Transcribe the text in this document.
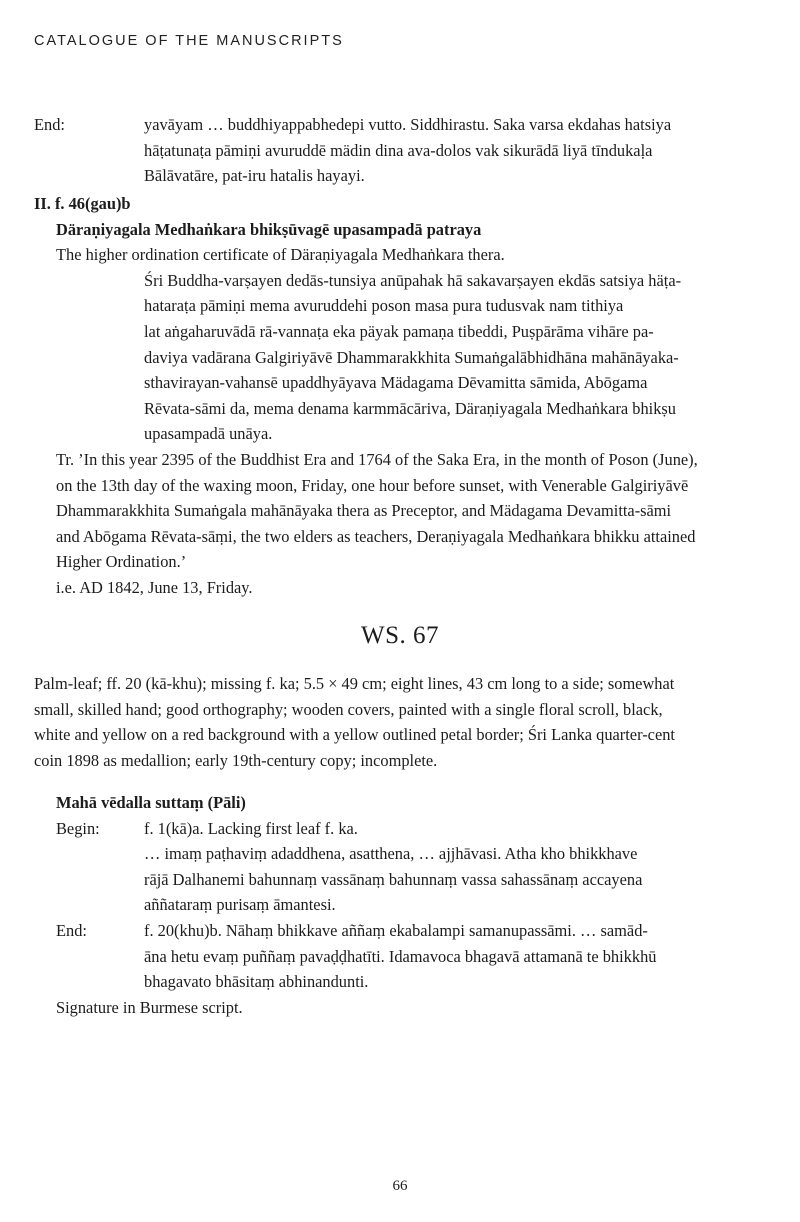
CATALOGUE OF THE MANUSCRIPTS
End:	yavāyam … buddhiyappabhedepi vutto. Siddhirastu. Saka varsa ekdahas hatsiya

hāṭatunaṭa pāmiṇi avuruddē mädin dina ava-dolos vak sikurādā liyā tīndukaḷa

Bālāvatāre, pat-iru hatalis hayayi.

II. f. 46(gau)b

Däraṇiyagala Medhaṅkara bhikṣūvagē upasampadā patraya

The higher ordination certificate of Däraṇiyagala Medhaṅkara thera.

Śri Buddha-varṣayen dedās-tunsiya anūpahak hā sakavarṣayen ekdās satsiya häṭa-

hataraṭa pāmiṇi mema avuruddehi poson masa pura tudusvak nam tithiya

lat aṅgaharuvādā rā-vannaṭa eka päyak pamaṇa tibeddi, Puṣpārāma vihāre pa-

daviya vadārana Galgiriyāvē Dhammarakkhita Sumaṅgalābhidhāna mahānāyaka-

sthavirayan-vahansē upaddhyāyava Mädagama Dēvamitta sāmida, Abōgama

Rēvata-sāmi da, mema denama karmmācāriva, Däraṇiyagala Medhaṅkara bhikṣu

upasampadā unāya.

Tr. ’In this year 2395 of the Buddhist Era and 1764 of the Saka Era, in the month of Poson (June),

on the 13th day of the waxing moon, Friday, one hour before sunset, with Venerable Galgiriyāvē

Dhammarakkhita Sumaṅgala mahānāyaka thera as Preceptor, and Mädagama Devamitta-sāmi

and Abōgama Rēvata-sāṃi, the two elders as teachers, Deraṇiyagala Medhaṅkara bhikku attained

Higher Ordination.’

i.e. AD 1842, June 13, Friday.

WS. 67

Palm-leaf; ff. 20 (kā-khu); missing f. ka; 5.5 × 49 cm; eight lines, 43 cm long to a side; somewhat

small, skilled hand; good orthography; wooden covers, painted with a single floral scroll, black,

white and yellow on a red background with a yellow outlined petal border; Śri Lanka quarter-cent

coin 1898 as medallion; early 19th-century copy; incomplete.

Mahā vēdalla suttaṃ (Pāli)

Begin:	f. 1(kā)a. Lacking first leaf f. ka.

… imaṃ paṭhaviṃ adaddhena, asatthena, … ajjhāvasi. Atha kho bhikkhave

rājā Dalhanemi bahunnaṃ vassānaṃ bahunnaṃ vassa sahassānaṃ accayena

aññataraṃ purisaṃ āmantesi.

End:	f. 20(khu)b. Nāhaṃ bhikkave aññaṃ ekabalampi samanupassāmi. … samād-

āna hetu evaṃ puññaṃ pavaḍḍhatīti. Idamavoca bhagavā attamanā te bhikkhū

bhagavato bhāsitaṃ abhinandunti.

Signature in Burmese script.

66
